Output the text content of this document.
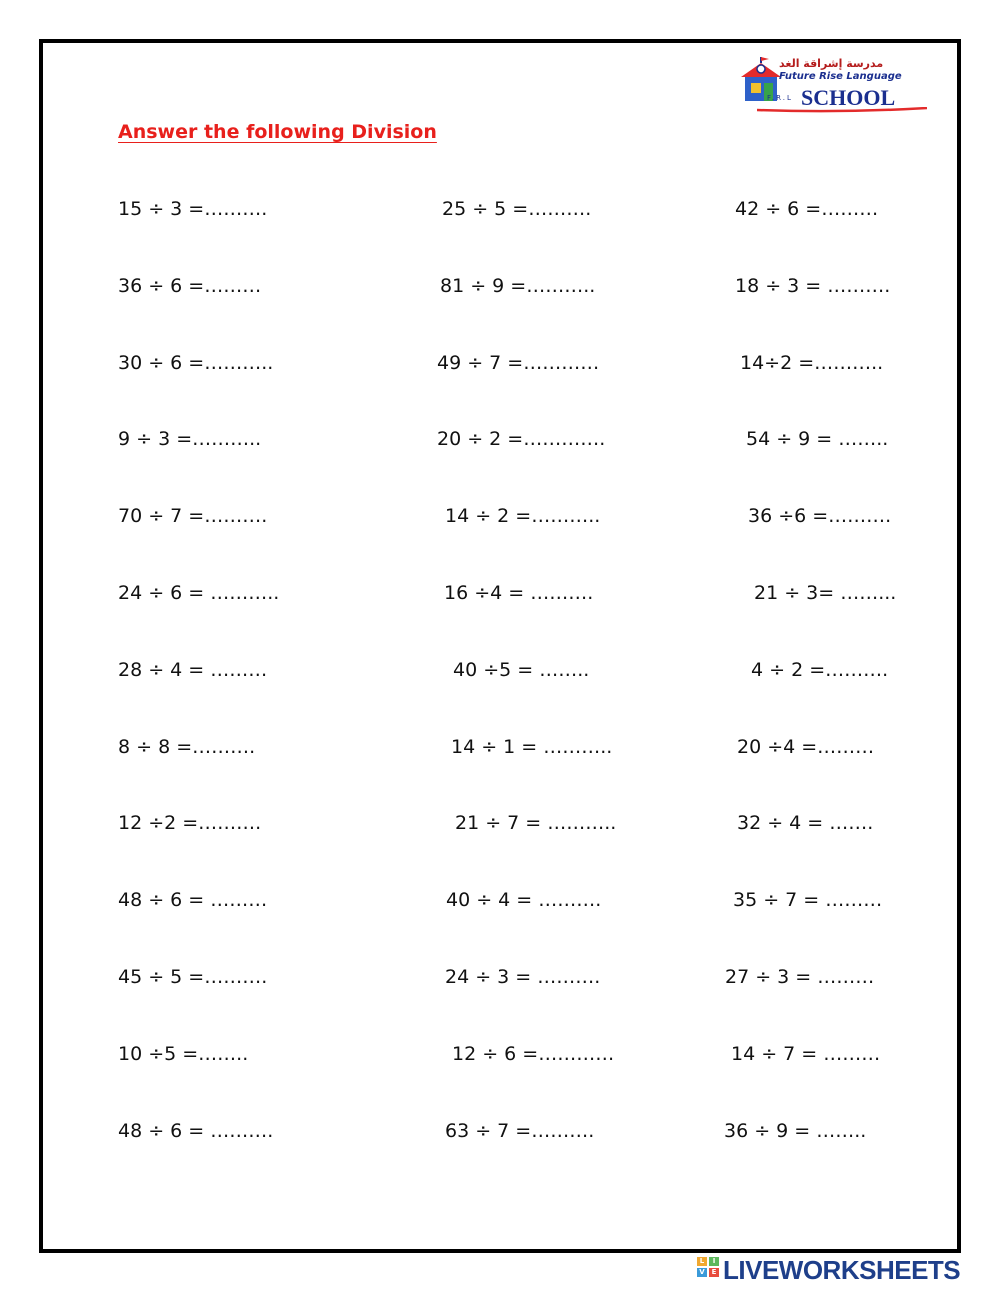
مدرسة إشراقة الغد
Future Rise Language
F.R.L SCHOOL
Answer the following Division
15 ÷ 3 =……….	25 ÷ 5 =……….	42 ÷ 6 =………
36 ÷ 6 =………	81 ÷ 9 =………..	18 ÷ 3 = ……….
30 ÷ 6 =………..	49 ÷ 7 =…………	14÷2 =………..
9 ÷ 3 =………..	20 ÷ 2 =………….	54 ÷ 9 = ……..
70 ÷ 7 =……….	14 ÷ 2 =………..	36 ÷6 =……….
24 ÷ 6 = ………..	16 ÷4 = ……….	21 ÷ 3= ……...
28 ÷ 4 = ………	40 ÷5 = ……..	4 ÷ 2 =……….
8 ÷ 8 =……….	14 ÷ 1 = ………..	20 ÷4 =………
12 ÷2 =……….	21 ÷ 7 = ………..	32 ÷ 4 = …….
48 ÷ 6 = ………	40 ÷ 4 = ……….	35 ÷ 7 = ………
45 ÷ 5 =……….	24 ÷ 3 = ……….	27 ÷ 3 = ………
10 ÷5 =……..	12 ÷ 6 =…………	14 ÷ 7 = ………
48 ÷ 6 = ……….	63 ÷ 7 =……….	36 ÷ 9 = ……..
L	I
V E LIVEWORKSHEETS
